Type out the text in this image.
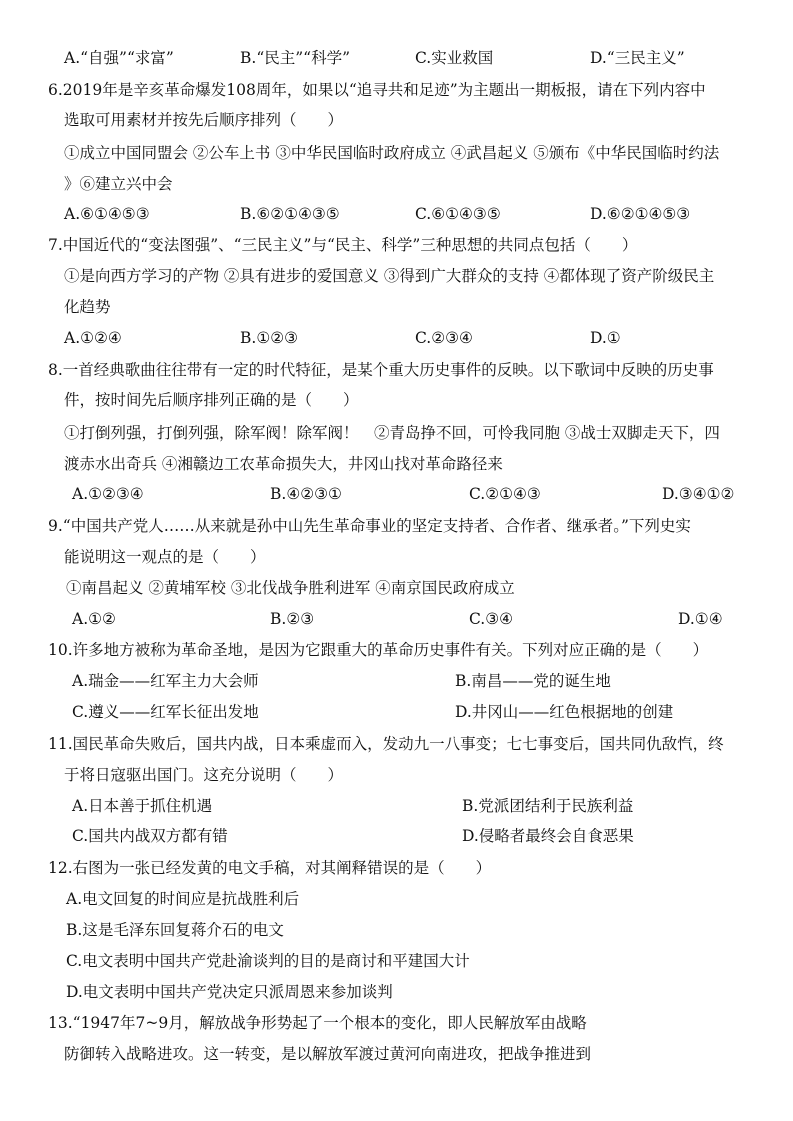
A.“自强”“求富”	B.“民主”“科学”	C.实业救国	D.“三民主义”
6.2019年是辛亥革命爆发108周年，如果以“追寻共和足迹”为主题出一期板报，请在下列内容中
选取可用素材并按先后顺序排列（　　）
①成立中国同盟会 ②公车上书 ③中华民国临时政府成立 ④武昌起义 ⑤颁布《中华民国临时约法
》⑥建立兴中会
A.⑥①④⑤③	B.⑥②①④③⑤	C.⑥①④③⑤	D.⑥②①④⑤③
7.中国近代的“变法图强”、“三民主义”与“民主、科学”三种思想的共同点包括（　　）
①是向西方学习的产物 ②具有进步的爱国意义 ③得到广大群众的支持 ④都体现了资产阶级民主
化趋势
A.①②④	B.①②③	C.②③④	D.①
8.一首经典歌曲往往带有一定的时代特征，是某个重大历史事件的反映。以下歌词中反映的历史事
件，按时间先后顺序排列正确的是（　　）
①打倒列强，打倒列强，除军阀！除军阀！　②青岛挣不回，可怜我同胞 ③战士双脚走天下，四
渡赤水出奇兵 ④湘赣边工农革命损失大，井冈山找对革命路径来
A.①②③④	B.④②③①	C.②①④③	D.③④①②
9.“中国共产党人……从来就是孙中山先生革命事业的坚定支持者、合作者、继承者。”下列史实
能说明这一观点的是（　　）
①南昌起义 ②黄埔军校 ③北伐战争胜利进军 ④南京国民政府成立
A.①②	B.②③	C.③④	D.①④
10.许多地方被称为革命圣地，是因为它跟重大的革命历史事件有关。下列对应正确的是（　　）
A.瑞金——红军主力大会师	B.南昌——党的诞生地
C.遵义——红军长征出发地	D.井冈山——红色根据地的创建
11.国民革命失败后，国共内战，日本乘虚而入，发动九一八事变；七七事变后，国共同仇敌忾，终
于将日寇驱出国门。这充分说明（　　）
A.日本善于抓住机遇	B.党派团结利于民族利益
C.国共内战双方都有错	D.侵略者最终会自食恶果
12.右图为一张已经发黄的电文手稿，对其阐释错误的是（　　）
A.电文回复的时间应是抗战胜利后
B.这是毛泽东回复蒋介石的电文
C.电文表明中国共产党赴渝谈判的目的是商讨和平建国大计
D.电文表明中国共产党决定只派周恩来参加谈判
13.“1947年7~9月，解放战争形势起了一个根本的变化，即人民解放军由战略
防御转入战略进攻。这一转变，是以解放军渡过黄河向南进攻，把战争推进到
